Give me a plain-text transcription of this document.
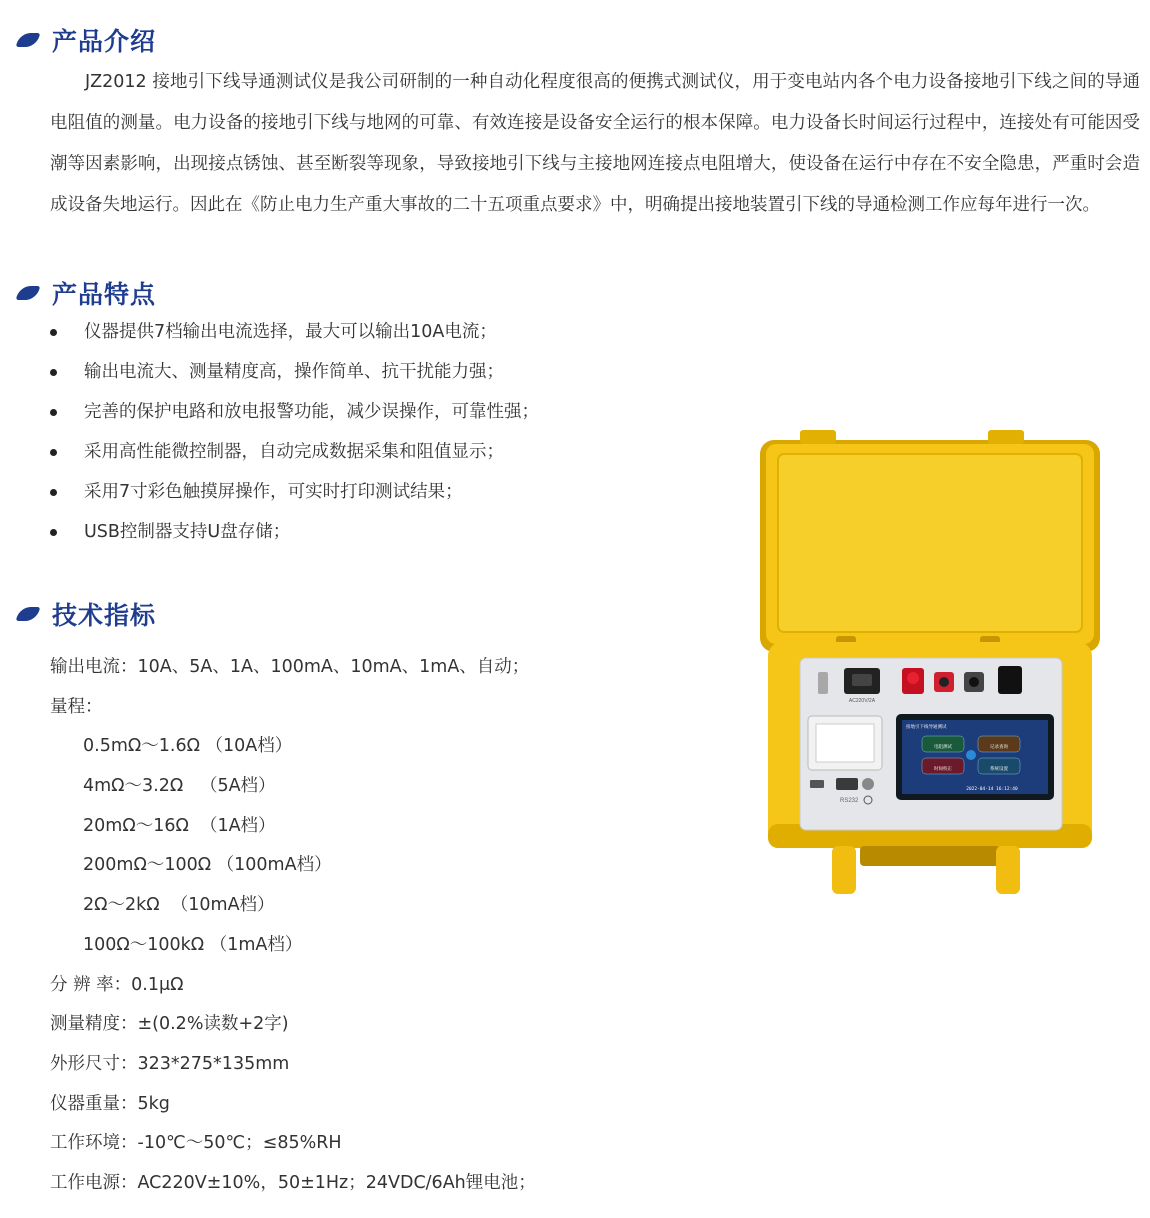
产品介绍

JZ2012 接地引下线导通测试仪是我公司研制的一种自动化程度很高的便携式测试仪，用于变电站内各个电力设备接地引下线之间的导通电阻值的测量。电力设备的接地引下线与地网的可靠、有效连接是设备安全运行的根本保障。电力设备长时间运行过程中，连接处有可能因受潮等因素影响，出现接点锈蚀、甚至断裂等现象，导致接地引下线与主接地网连接点电阻增大，使设备在运行中存在不安全隐患，严重时会造成设备失地运行。因此在《防止电力生产重大事故的二十五项重点要求》中，明确提出接地装置引下线的导通检测工作应每年进行一次。

产品特点
仪器提供7档输出电流选择，最大可以输出10A电流；
输出电流大、测量精度高，操作简单、抗干扰能力强；
完善的保护电路和放电报警功能，减少误操作，可靠性强；
采用高性能微控制器，自动完成数据采集和阻值显示；
采用7寸彩色触摸屏操作，可实时打印测试结果；
USB控制器支持U盘存储；
技术指标
输出电流：10A、5A、1A、100mA、10mA、1mA、自动；
量程：
0.5mΩ～1.6Ω （10A档）
4mΩ～3.2Ω   （5A档）
20mΩ～16Ω  （1A档）
200mΩ～100Ω （100mA档）
2Ω～2kΩ  （10mA档）
100Ω～100kΩ （1mA档）
分 辨 率：0.1μΩ
测量精度：±(0.2%读数+2字)
外形尺寸：323*275*135mm
仪器重量：5kg
工作环境：-10℃～50℃；≤85%RH
工作电源：AC220V±10%，50±1Hz；24VDC/6Ah锂电池；
AC220V/2A
RS232
接地引下线导通测试
电阻测试	记录查询
时间校正	系统设置
2022-04-14 16:12:40
